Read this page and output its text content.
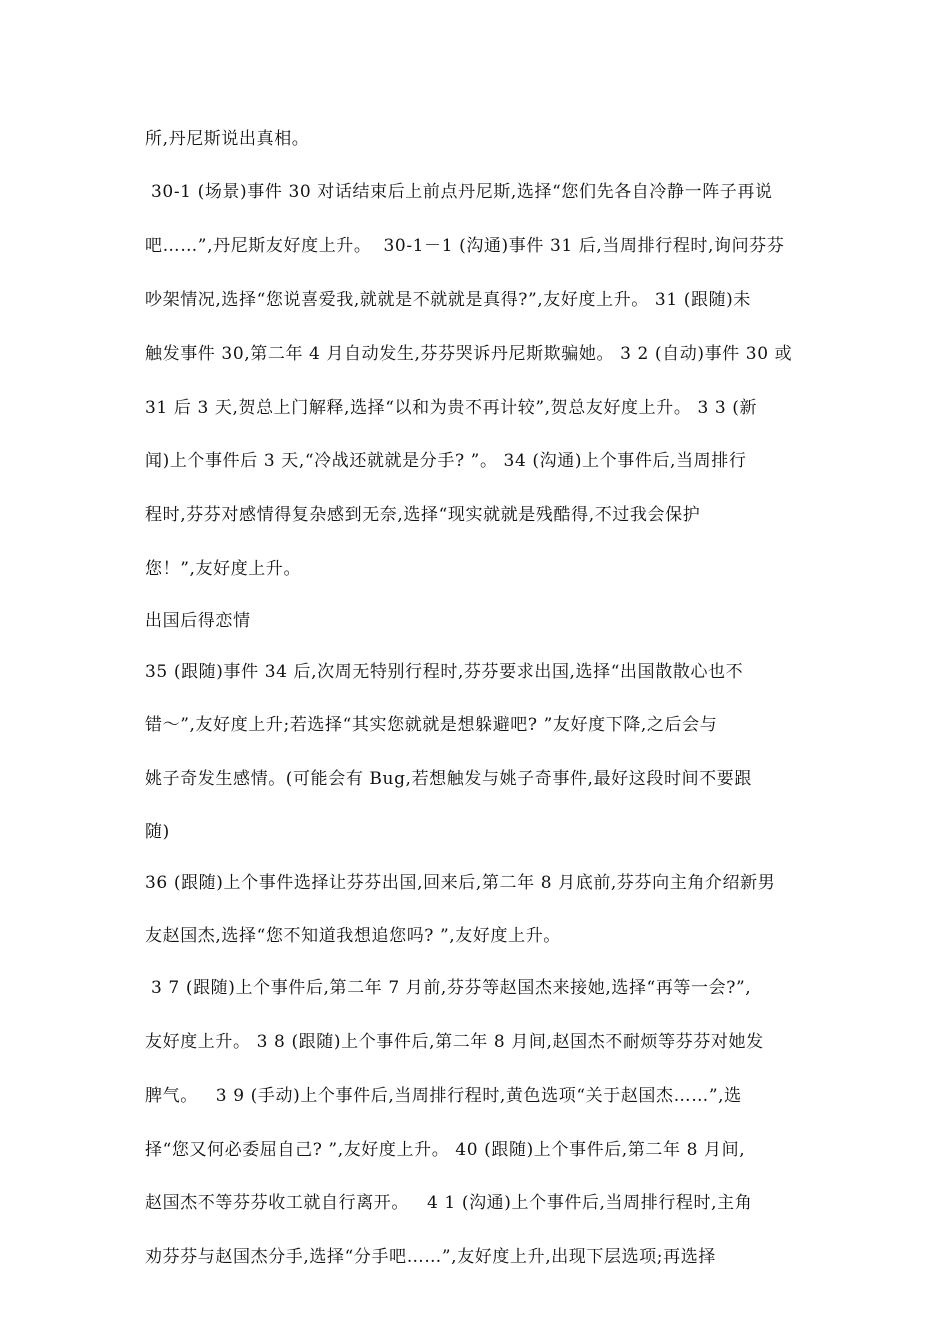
所,丹尼斯说出真相。
30-1 (场景)事件 30 对话结束后上前点丹尼斯,选择“您们先各自冷静一阵子再说
吧……”,丹尼斯友好度上升。  30-1－1 (沟通)事件 31 后,当周排行程时,询问芬芬
吵架情况,选择“您说喜爱我,就就是不就就是真得?”,友好度上升。 31 (跟随)未
触发事件 30,第二年 4 月自动发生,芬芬哭诉丹尼斯欺骗她。 3 2 (自动)事件 30 或
31 后 3 天,贺总上门解释,选择“以和为贵不再计较”,贺总友好度上升。 3 3 (新
闻)上个事件后 3 天,“冷战还就就是分手? ”。 34 (沟通)上个事件后,当周排行
程时,芬芬对感情得复杂感到无奈,选择“现实就就是残酷得,不过我会保护
您！”,友好度上升。
出国后得恋情
35 (跟随)事件 34 后,次周无特别行程时,芬芬要求出国,选择“出国散散心也不
错～”,友好度上升;若选择“其实您就就是想躲避吧? ”友好度下降,之后会与
姚子奇发生感情。(可能会有 Bug,若想触发与姚子奇事件,最好这段时间不要跟
随)
36 (跟随)上个事件选择让芬芬出国,回来后,第二年 8 月底前,芬芬向主角介绍新男
友赵国杰,选择“您不知道我想追您吗? ”,友好度上升。
3 7 (跟随)上个事件后,第二年 7 月前,芬芬等赵国杰来接她,选择“再等一会?”,
友好度上升。 3 8 (跟随)上个事件后,第二年 8 月间,赵国杰不耐烦等芬芬对她发
脾气。   3 9 (手动)上个事件后,当周排行程时,黄色选项“关于赵国杰……”,选
择“您又何必委屈自己? ”,友好度上升。 40 (跟随)上个事件后,第二年 8 月间,
赵国杰不等芬芬收工就自行离开。   4 1 (沟通)上个事件后,当周排行程时,主角
劝芬芬与赵国杰分手,选择“分手吧……”,友好度上升,出现下层选项;再选择
